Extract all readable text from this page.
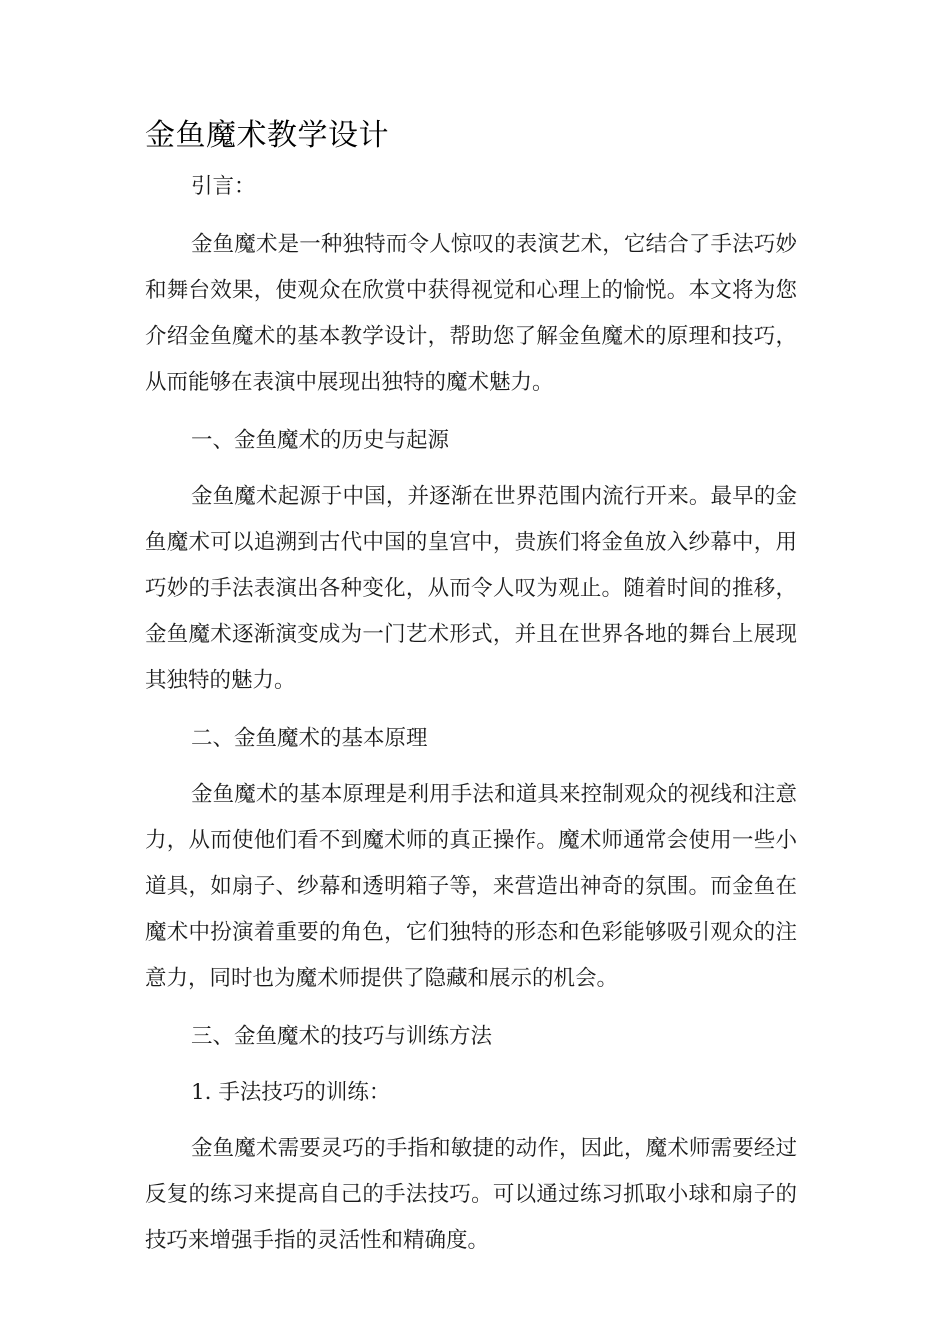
金鱼魔术教学设计

引言：

金鱼魔术是一种独特而令人惊叹的表演艺术，它结合了手法巧妙和舞台效果，使观众在欣赏中获得视觉和心理上的愉悦。本文将为您介绍金鱼魔术的基本教学设计，帮助您了解金鱼魔术的原理和技巧，从而能够在表演中展现出独特的魔术魅力。

一、金鱼魔术的历史与起源

金鱼魔术起源于中国，并逐渐在世界范围内流行开来。最早的金鱼魔术可以追溯到古代中国的皇宫中，贵族们将金鱼放入纱幕中，用巧妙的手法表演出各种变化，从而令人叹为观止。随着时间的推移，金鱼魔术逐渐演变成为一门艺术形式，并且在世界各地的舞台上展现其独特的魅力。

二、金鱼魔术的基本原理

金鱼魔术的基本原理是利用手法和道具来控制观众的视线和注意力，从而使他们看不到魔术师的真正操作。魔术师通常会使用一些小道具，如扇子、纱幕和透明箱子等，来营造出神奇的氛围。而金鱼在魔术中扮演着重要的角色，它们独特的形态和色彩能够吸引观众的注意力，同时也为魔术师提供了隐藏和展示的机会。

三、金鱼魔术的技巧与训练方法

1. 手法技巧的训练：

金鱼魔术需要灵巧的手指和敏捷的动作，因此，魔术师需要经过反复的练习来提高自己的手法技巧。可以通过练习抓取小球和扇子的技巧来增强手指的灵活性和精确度。
